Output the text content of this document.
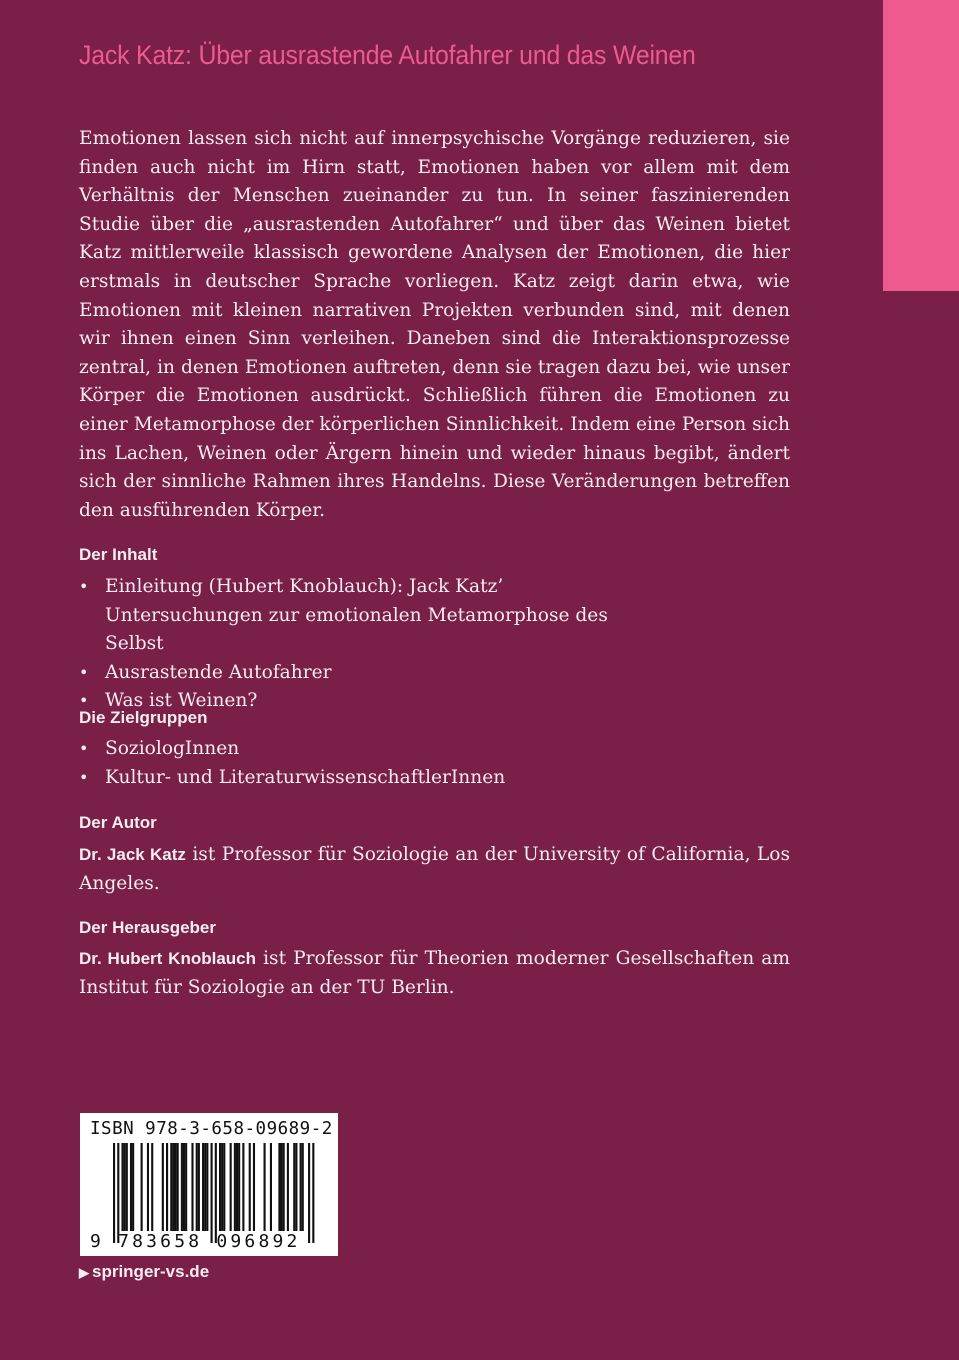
Jack Katz: Über ausrastende Autofahrer und das Weinen

Emotionen lassen sich nicht auf innerpsychische Vorgänge reduzieren, sie finden auch nicht im Hirn statt, Emotionen haben vor allem mit dem Verhältnis der Menschen zueinander zu tun. In seiner faszinierenden Studie über die „ausrastenden Autofahrer“ und über das Weinen bietet Katz mittlerweile klassisch gewordene Analysen der Emotionen, die hier erstmals in deutscher Sprache vorliegen. Katz zeigt darin etwa, wie Emotionen mit kleinen narrativen Projekten verbunden sind, mit denen wir ihnen einen Sinn verleihen. Daneben sind die Interaktionsprozesse zentral, in denen Emotionen auftreten, denn sie tragen dazu bei, wie unser Körper die Emotionen ausdrückt. Schließlich führen die Emotionen zu einer Metamorphose der körperlichen Sinnlichkeit. Indem eine Person sich ins Lachen, Weinen oder Ärgern hinein und wieder hinaus begibt, ändert sich der sinnliche Rahmen ihres Handelns. Diese Veränderungen betreffen den ausführenden Körper.

Der Inhalt
• Einleitung (Hubert Knoblauch): Jack Katz’ Untersuchungen zur emotionalen Metamorphose des Selbst
• Ausrastende Autofahrer
• Was ist Weinen?
Die Zielgruppen
• SoziologInnen
• Kultur- und LiteraturwissenschaftlerInnen
Der Autor

Dr. Jack Katz ist Professor für Soziologie an der University of California, Los Angeles.

Der Herausgeber

Dr. Hubert Knoblauch ist Professor für Theorien moderner Gesellschaften am Institut für Soziologie an der TU Berlin.

ISBN 978-3-658-09689-2
9 783658 096892
▶ springer-vs.de
